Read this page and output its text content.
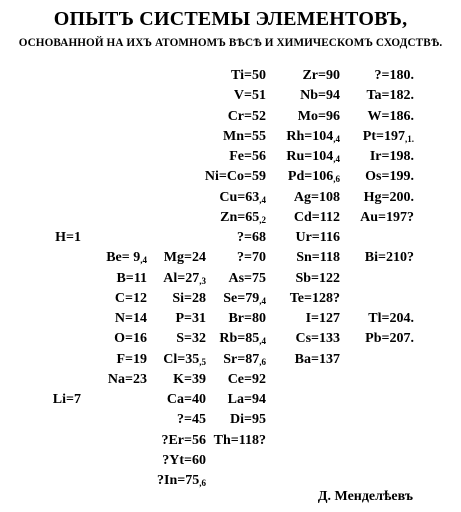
ОПЫТЪ СИСТЕМЫ ЭЛЕМЕНТОВЪ,
ОСНОВАННОЙ НА ИХЪ АТОМНОМЪ ВѢСѢ И ХИМИЧЕСКОМЪ СХОДСТВѢ.
H=1
Li=7
$Be= 9_{,4}$
B=11
C=12
N=14
O=16
F=19
Na=23
Mg=24
$Al=27_{,3}$
Si=28
P=31
S=32
$Cl=35_{,5}$
K=39
Ca=40
?=45
?Er=56
?Yt=60
$?In=75_{,6}$
Ti=50
V=51
Cr=52
Mn=55
Fe=56
Ni=Co=59
$Cu=63_{,4}$
$Zn=65_{,2}$
?=68
?=70
As=75
$Se=79_{,4}$
Br=80
$Rb=85_{,4}$
$Sr=87_{,6}$
Ce=92
La=94
Di=95
Th=118?
Zr=90
Nb=94
Mo=96
$Rh=104_{,4}$
$Ru=104_{,4}$
$Pd=106_{,6}$
Ag=108
Cd=112
Ur=116
Sn=118
Sb=122
Te=128?
I=127
Cs=133
Ba=137
?=180.
Ta=182.
W=186.
$Pt=197_{,1.}$
Ir=198.
Os=199.
Hg=200.
Au=197?
Bi=210?
Tl=204.
Pb=207.
Д. Менделѣевъ
